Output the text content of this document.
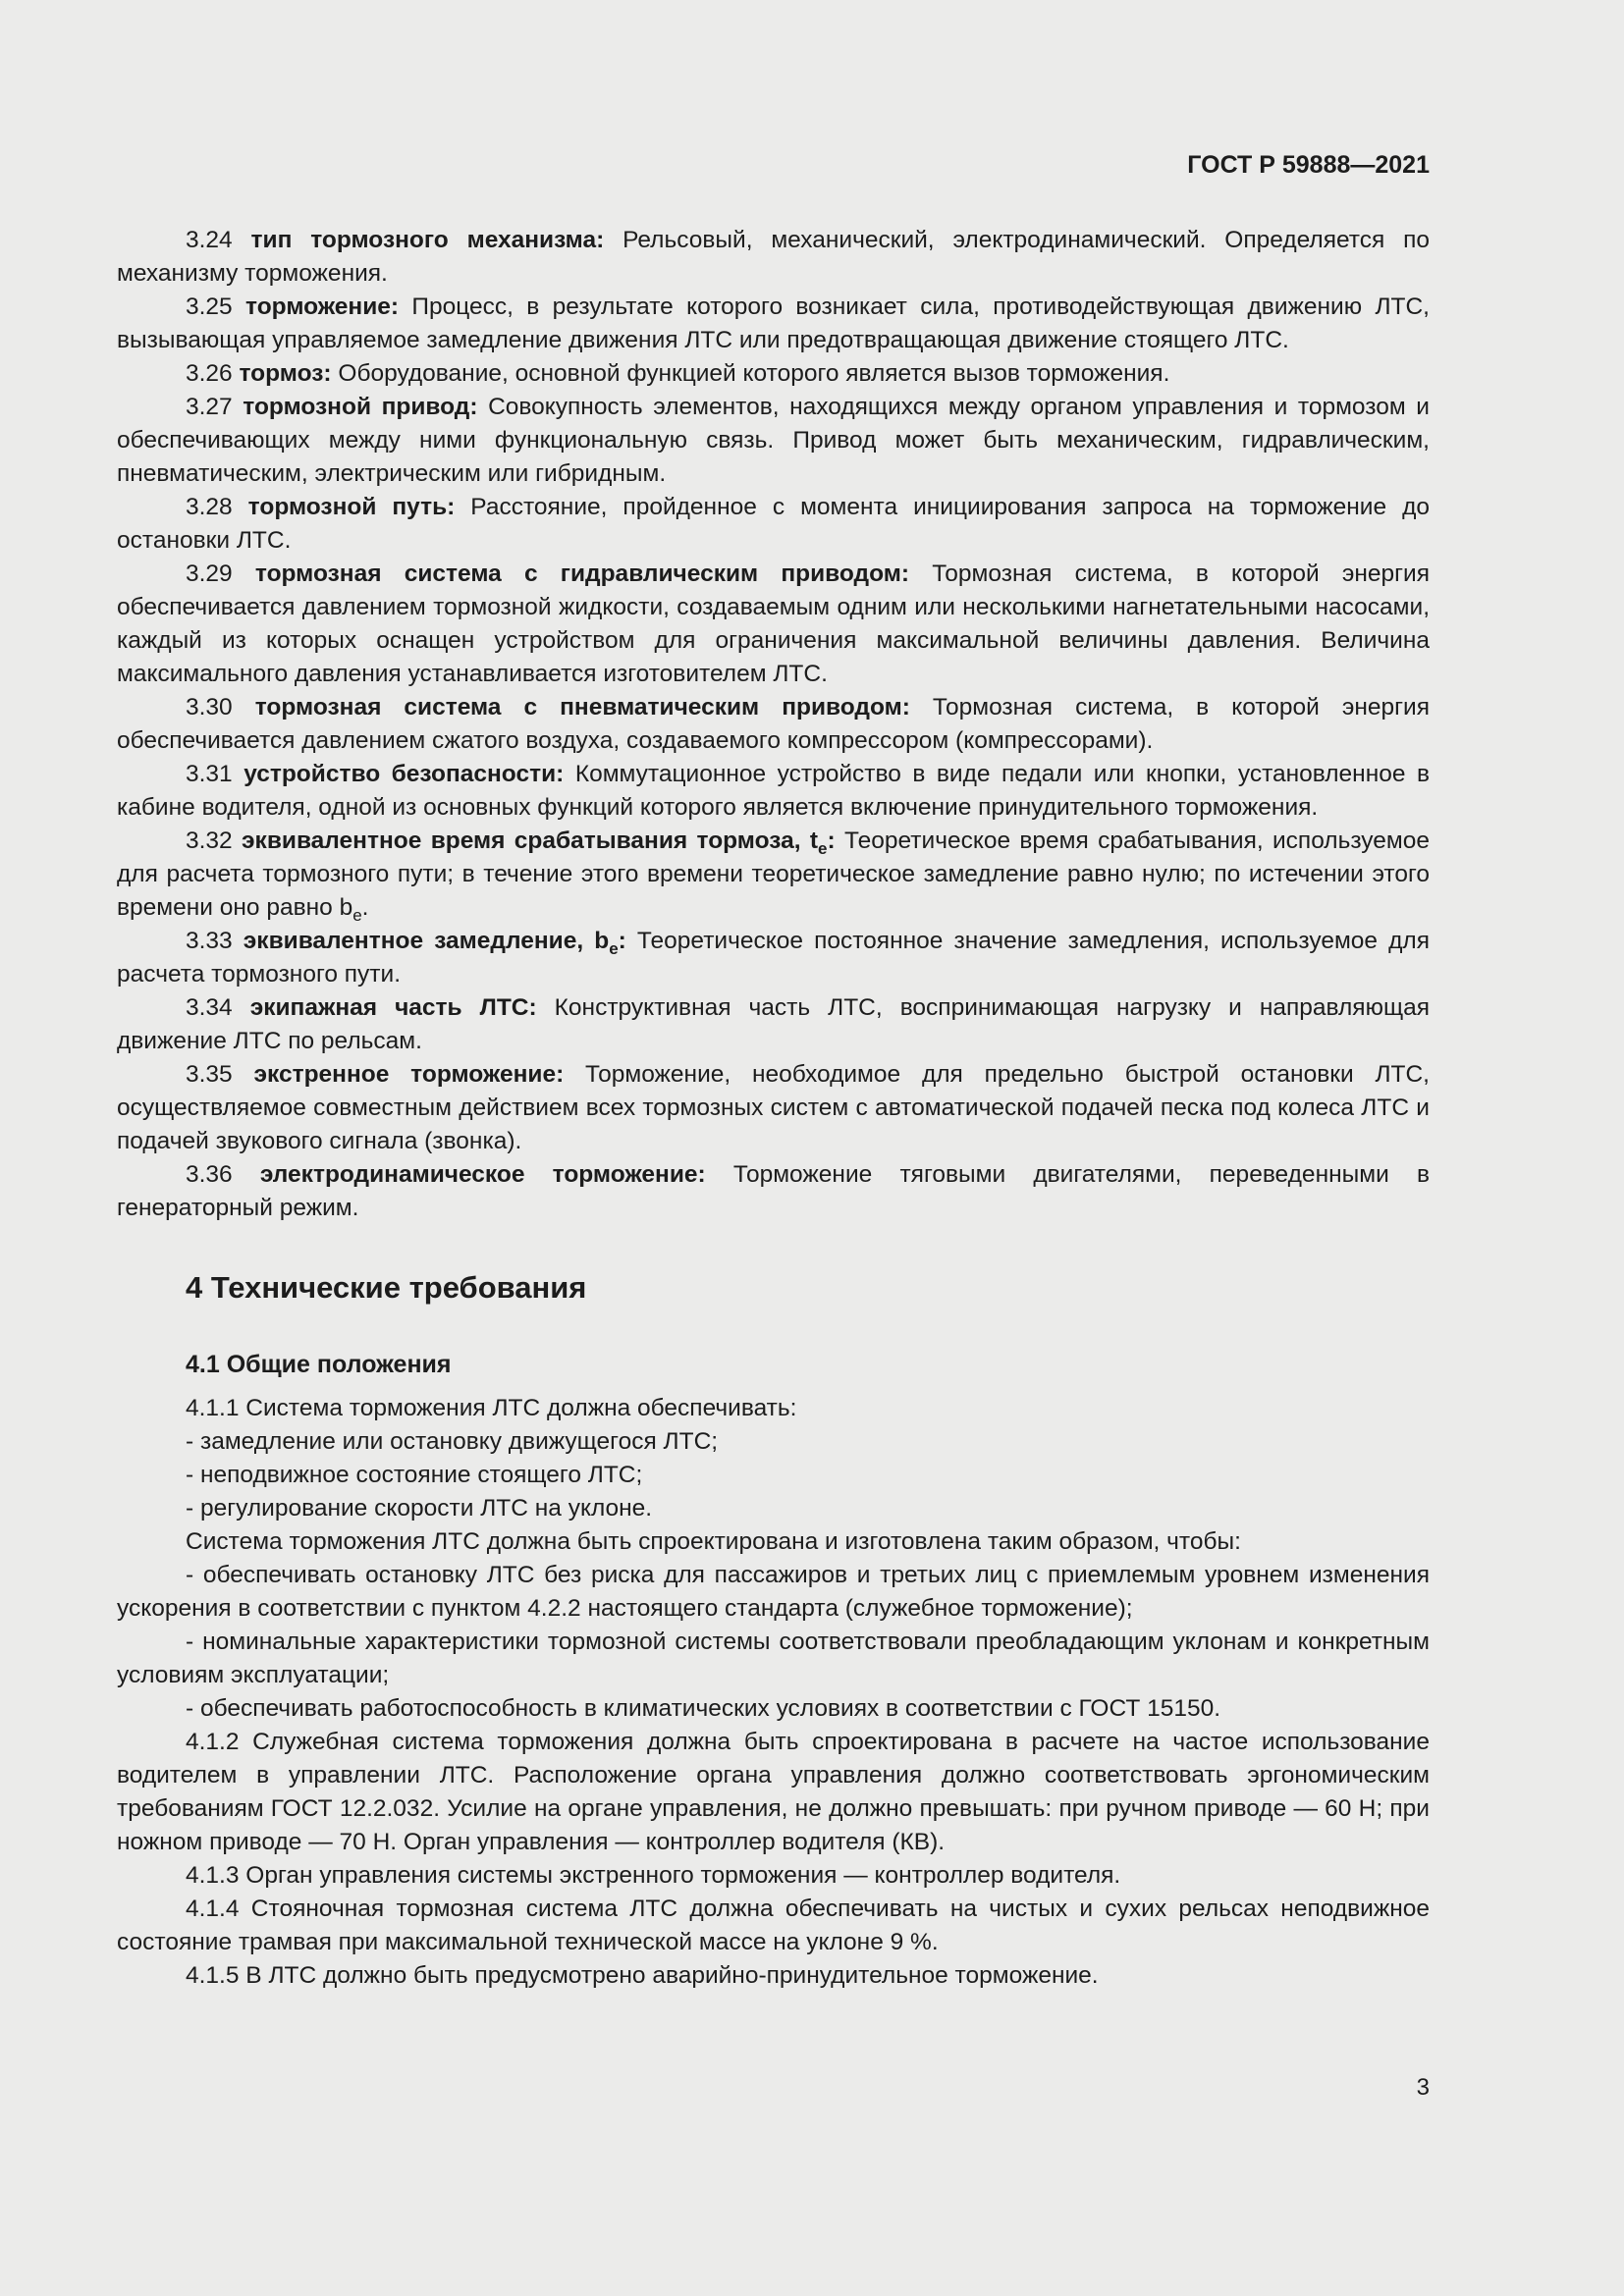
ГОСТ Р 59888—2021

3.24 тип тормозного механизма: Рельсовый, механический, электродинамический. Определяется по механизму торможения.

3.25 торможение: Процесс, в результате которого возникает сила, противодействующая движению ЛТС, вызывающая управляемое замедление движения ЛТС или предотвращающая движение стоящего ЛТС.

3.26 тормоз: Оборудование, основной функцией которого является вызов торможения.

3.27 тормозной привод: Совокупность элементов, находящихся между органом управления и тормозом и обеспечивающих между ними функциональную связь. Привод может быть механическим, гидравлическим, пневматическим, электрическим или гибридным.

3.28 тормозной путь: Расстояние, пройденное с момента инициирования запроса на торможение до остановки ЛТС.

3.29 тормозная система с гидравлическим приводом: Тормозная система, в которой энергия обеспечивается давлением тормозной жидкости, создаваемым одним или несколькими нагнетательными насосами, каждый из которых оснащен устройством для ограничения максимальной величины давления. Величина максимального давления устанавливается изготовителем ЛТС.

3.30 тормозная система с пневматическим приводом: Тормозная система, в которой энергия обеспечивается давлением сжатого воздуха, создаваемого компрессором (компрессорами).

3.31 устройство безопасности: Коммутационное устройство в виде педали или кнопки, установленное в кабине водителя, одной из основных функций которого является включение принудительного торможения.

3.32 эквивалентное время срабатывания тормоза, $t_e$: Теоретическое время срабатывания, используемое для расчета тормозного пути; в течение этого времени теоретическое замедление равно нулю; по истечении этого времени оно равно $b_e$.

3.33 эквивалентное замедление, $b_e$: Теоретическое постоянное значение замедления, используемое для расчета тормозного пути.

3.34 экипажная часть ЛТС: Конструктивная часть ЛТС, воспринимающая нагрузку и направляющая движение ЛТС по рельсам.

3.35 экстренное торможение: Торможение, необходимое для предельно быстрой остановки ЛТС, осуществляемое совместным действием всех тормозных систем с автоматической подачей песка под колеса ЛТС и подачей звукового сигнала (звонка).

3.36 электродинамическое торможение: Торможение тяговыми двигателями, переведенными в генераторный режим.

4 Технические требования
4.1 Общие положения

4.1.1 Система торможения ЛТС должна обеспечивать:

- замедление или остановку движущегося ЛТС;

- неподвижное состояние стоящего ЛТС;

- регулирование скорости ЛТС на уклоне.

Система торможения ЛТС должна быть спроектирована и изготовлена таким образом, чтобы:

- обеспечивать остановку ЛТС без риска для пассажиров и третьих лиц с приемлемым уровнем изменения ускорения в соответствии с пунктом 4.2.2 настоящего стандарта (служебное торможение);

- номинальные характеристики тормозной системы соответствовали преобладающим уклонам и конкретным условиям эксплуатации;

- обеспечивать работоспособность в климатических условиях в соответствии с ГОСТ 15150.

4.1.2 Служебная система торможения должна быть спроектирована в расчете на частое использование водителем в управлении ЛТС. Расположение органа управления должно соответствовать эргономическим требованиям ГОСТ 12.2.032. Усилие на органе управления, не должно превышать: при ручном приводе — 60 Н; при ножном приводе — 70 Н. Орган управления — контроллер водителя (КВ).

4.1.3 Орган управления системы экстренного торможения — контроллер водителя.

4.1.4 Стояночная тормозная система ЛТС должна обеспечивать на чистых и сухих рельсах неподвижное состояние трамвая при максимальной технической массе на уклоне 9 %.

4.1.5 В ЛТС должно быть предусмотрено аварийно-принудительное торможение.

3
